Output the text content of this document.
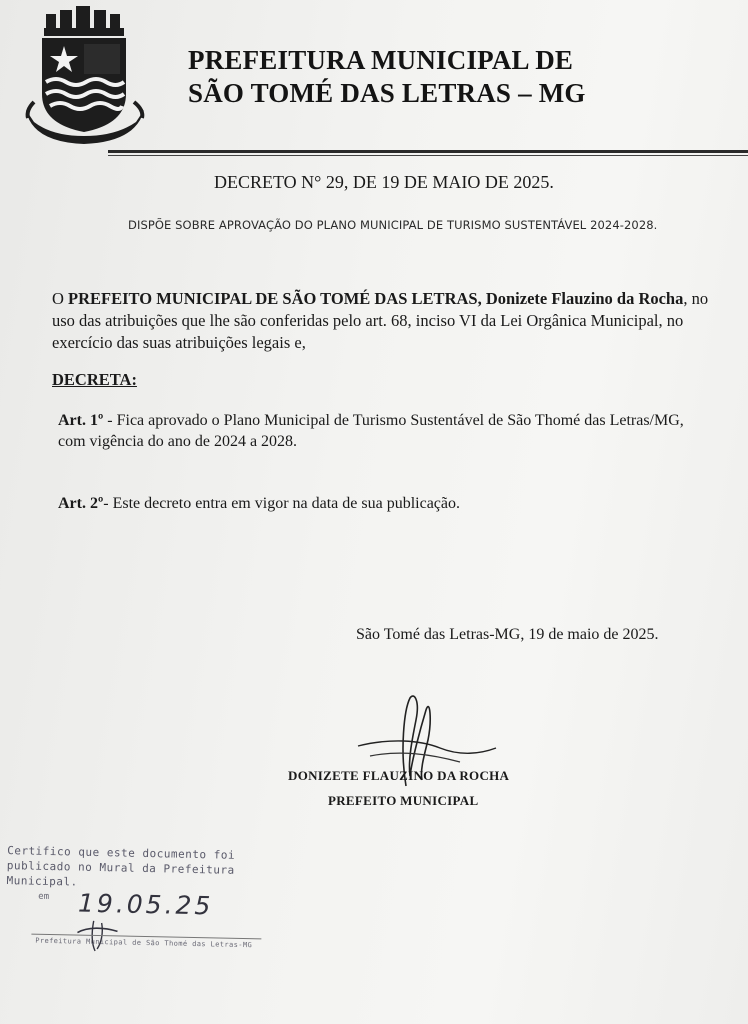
PREFEITURA MUNICIPAL DE
SÃO TOMÉ DAS LETRAS – MG
DECRETO N° 29, DE 19 DE MAIO DE 2025.
DISPÕE SOBRE APROVAÇÃO DO PLANO MUNICIPAL DE TURISMO SUSTENTÁVEL 2024-2028.
O PREFEITO MUNICIPAL DE SÃO TOMÉ DAS LETRAS, Donizete Flauzino da Rocha, no uso das atribuições que lhe são conferidas pelo art. 68, inciso VI da Lei Orgânica Municipal, no exercício das suas atribuições legais e,
DECRETA:
Art. 1º - Fica aprovado o Plano Municipal de Turismo Sustentável de São Thomé das Letras/MG, com vigência do ano de 2024 a 2028.
Art. 2º- Este decreto entra em vigor na data de sua publicação.
São Tomé das Letras-MG, 19 de maio de 2025.
DONIZETE FLAUZINO DA ROCHA
PREFEITO MUNICIPAL
Certifico que este documento foi publicado no Mural da Prefeitura Municipal.
em 19.05.25
Prefeitura Municipal de São Thomé das Letras-MG
